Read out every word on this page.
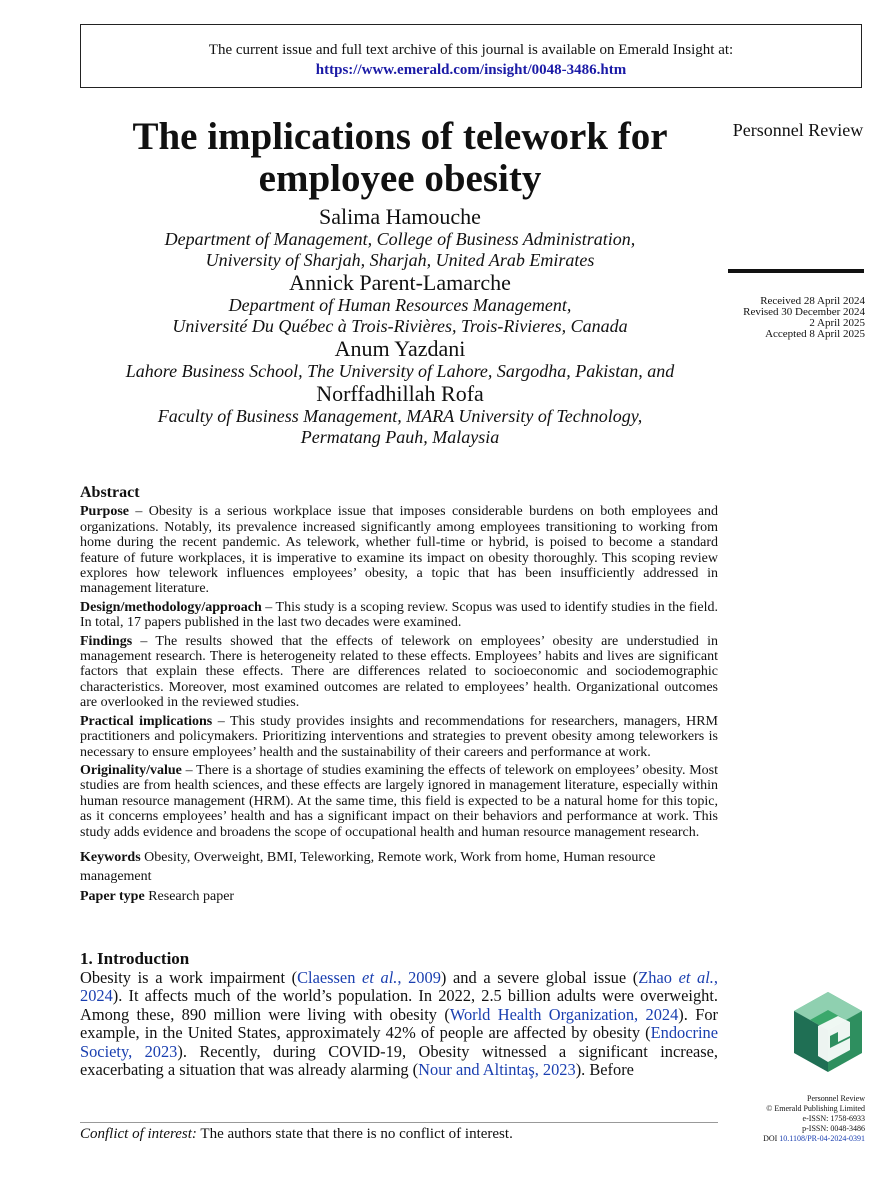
The current issue and full text archive of this journal is available on Emerald Insight at:
https://www.emerald.com/insight/0048-3486.htm
The implications of telework for
employee obesity
Salima Hamouche
Department of Management, College of Business Administration,
University of Sharjah, Sharjah, United Arab Emirates
Annick Parent-Lamarche
Department of Human Resources Management,
Université Du Québec à Trois-Rivières, Trois-Rivieres, Canada
Anum Yazdani
Lahore Business School, The University of Lahore, Sargodha, Pakistan, and
Norffadhillah Rofa
Faculty of Business Management, MARA University of Technology,
Permatang Pauh, Malaysia
Personnel Review
Received 28 April 2024
Revised 30 December 2024
2 April 2025
Accepted 8 April 2025
Abstract

Purpose – Obesity is a serious workplace issue that imposes considerable burdens on both employees and organizations. Notably, its prevalence increased significantly among employees transitioning to working from home during the recent pandemic. As telework, whether full-time or hybrid, is poised to become a standard feature of future workplaces, it is imperative to examine its impact on obesity thoroughly. This scoping review explores how telework influences employees’ obesity, a topic that has been insufficiently addressed in management literature.

Design/methodology/approach – This study is a scoping review. Scopus was used to identify studies in the field. In total, 17 papers published in the last two decades were examined.

Findings – The results showed that the effects of telework on employees’ obesity are understudied in management research. There is heterogeneity related to these effects. Employees’ habits and lives are significant factors that explain these effects. There are differences related to socioeconomic and sociodemographic characteristics. Moreover, most examined outcomes are related to employees’ health. Organizational outcomes are overlooked in the reviewed studies.

Practical implications – This study provides insights and recommendations for researchers, managers, HRM practitioners and policymakers. Prioritizing interventions and strategies to prevent obesity among teleworkers is necessary to ensure employees’ health and the sustainability of their careers and performance at work.

Originality/value – There is a shortage of studies examining the effects of telework on employees’ obesity. Most studies are from health sciences, and these effects are largely ignored in management literature, especially within human resource management (HRM). At the same time, this field is expected to be a natural home for this topic, as it concerns employees’ health and has a significant impact on their behaviors and performance at work. This study adds evidence and broadens the scope of occupational health and human resource management research.

Keywords Obesity, Overweight, BMI, Teleworking, Remote work, Work from home, Human resource management

Paper type Research paper

1. Introduction

Obesity is a work impairment (Claessen et al., 2009) and a severe global issue (Zhao et al., 2024). It affects much of the world’s population. In 2022, 2.5 billion adults were overweight. Among these, 890 million were living with obesity (World Health Organization, 2024). For example, in the United States, approximately 42% of people are affected by obesity (Endocrine Society, 2023). Recently, during COVID-19, Obesity witnessed a significant increase, exacerbating a situation that was already alarming (Nour and Altintaş, 2023). Before

Conflict of interest: The authors state that there is no conflict of interest.
Personnel Review
© Emerald Publishing Limited
e-ISSN: 1758-6933
p-ISSN: 0048-3486
DOI 10.1108/PR-04-2024-0391
